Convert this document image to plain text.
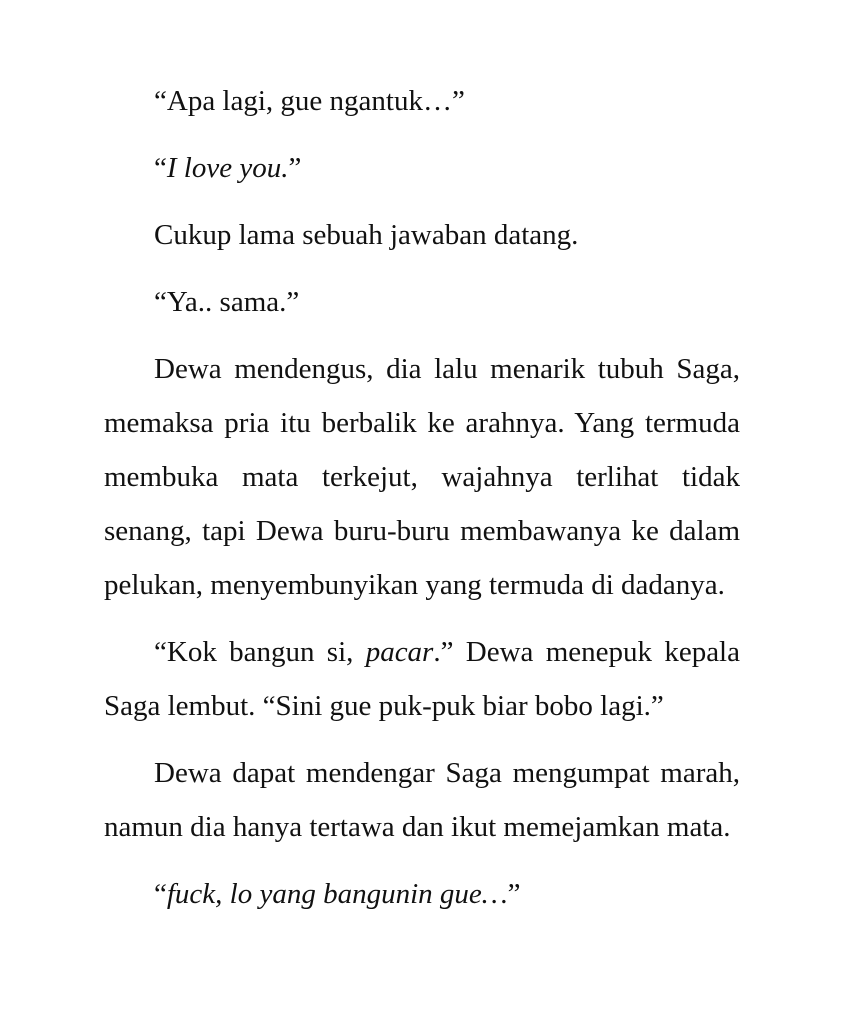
“Apa lagi, gue ngantuk…”

“I love you.”

Cukup lama sebuah jawaban datang.

“Ya.. sama.”

Dewa mendengus, dia lalu menarik tubuh Saga, memaksa pria itu berbalik ke arahnya. Yang termuda membuka mata terkejut, wajahnya terlihat tidak senang, tapi Dewa buru-buru membawanya ke dalam pelukan, menyembunyikan yang termuda di dadanya.

“Kok bangun si, pacar.” Dewa menepuk kepala Saga lembut. “Sini gue puk-puk biar bobo lagi.”

Dewa dapat mendengar Saga mengumpat marah, namun dia hanya tertawa dan ikut memejamkan mata.

“fuck, lo yang bangunin gue…”
